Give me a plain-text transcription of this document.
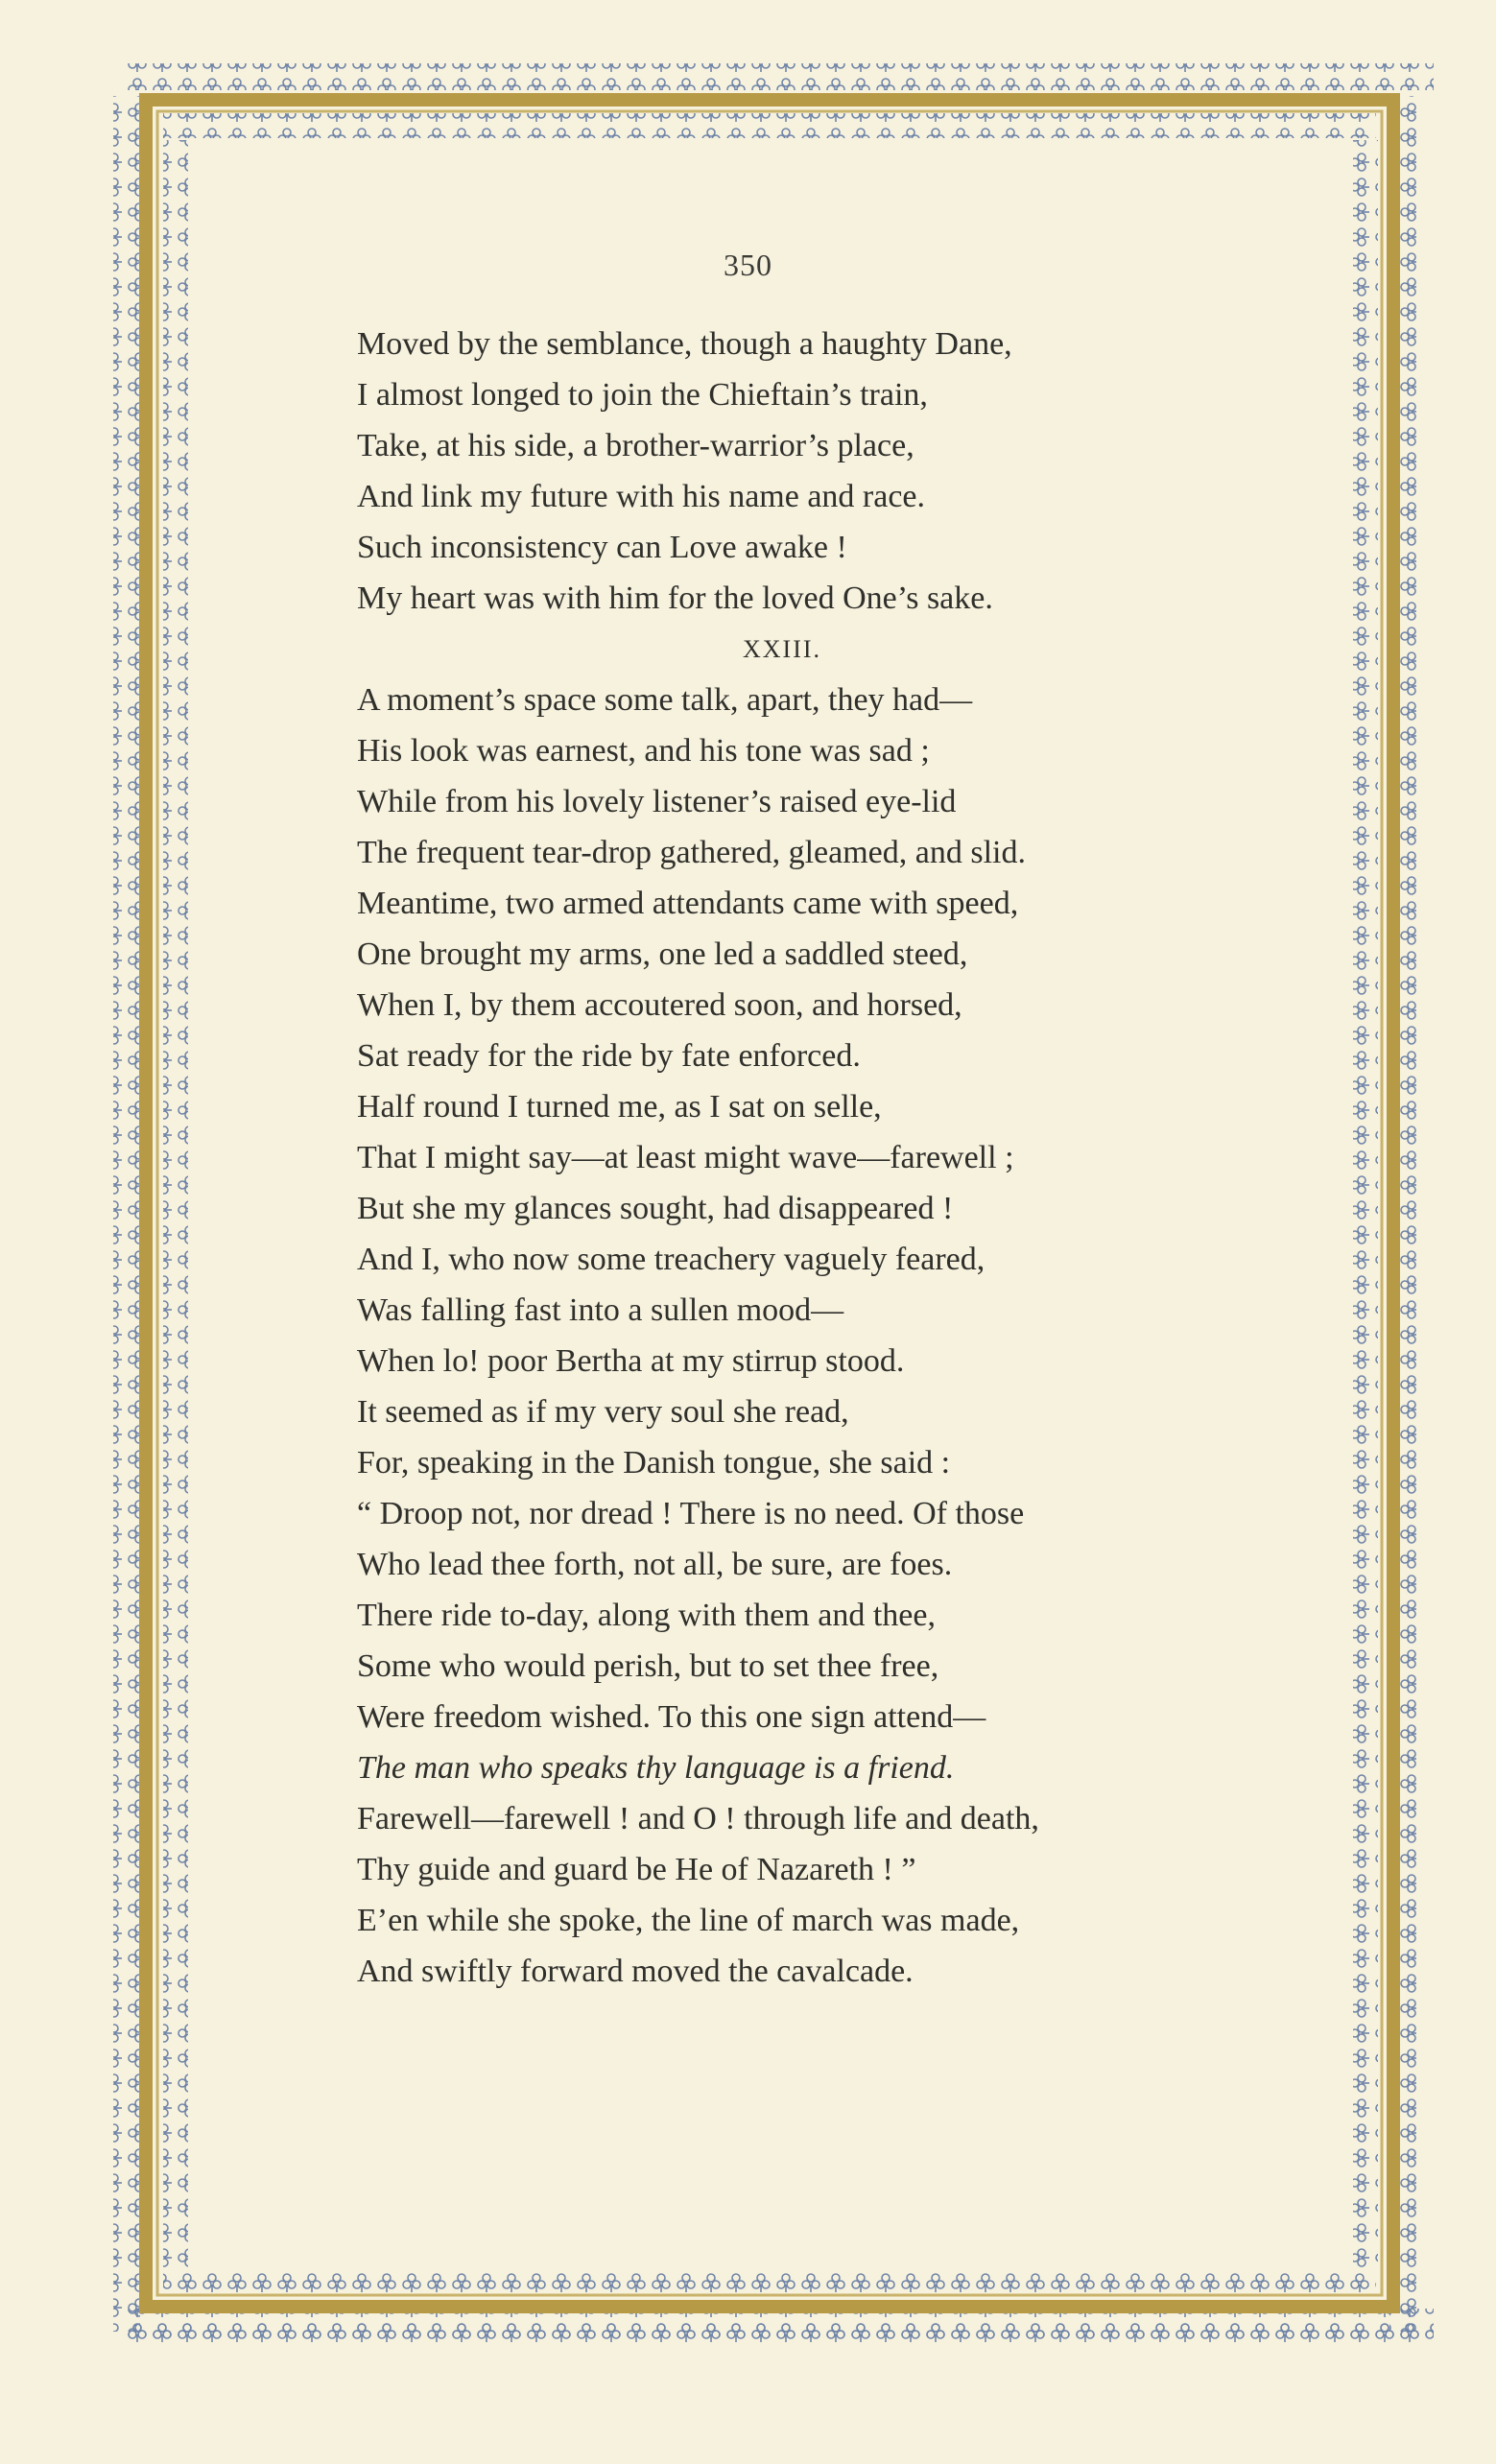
350
Moved by the semblance, though a haughty Dane,
I almost longed to join the Chieftain’s train,
Take, at his side, a brother-warrior’s place,
And link my future with his name and race.
Such inconsistency can Love awake !
My heart was with him for the loved One’s sake.
XXIII.
A moment’s space some talk, apart, they had—
His look was earnest, and his tone was sad ;
While from his lovely listener’s raised eye-lid
The frequent tear-drop gathered, gleamed, and slid.
Meantime, two armed attendants came with speed,
One brought my arms, one led a saddled steed,
When I, by them accoutered soon, and horsed,
Sat ready for the ride by fate enforced.
Half round I turned me, as I sat on selle,
That I might say—at least might wave—farewell ;
But she my glances sought, had disappeared !
And I, who now some treachery vaguely feared,
Was falling fast into a sullen mood—
When lo! poor Bertha at my stirrup stood.
It seemed as if my very soul she read,
For, speaking in the Danish tongue, she said :
“ Droop not, nor dread ! There is no need. Of those
Who lead thee forth, not all, be sure, are foes.
There ride to-day, along with them and thee,
Some who would perish, but to set thee free,
Were freedom wished. To this one sign attend—
The man who speaks thy language is a friend.
Farewell—farewell ! and O ! through life and death,
Thy guide and guard be He of Nazareth ! ”
E’en while she spoke, the line of march was made,
And swiftly forward moved the cavalcade.
